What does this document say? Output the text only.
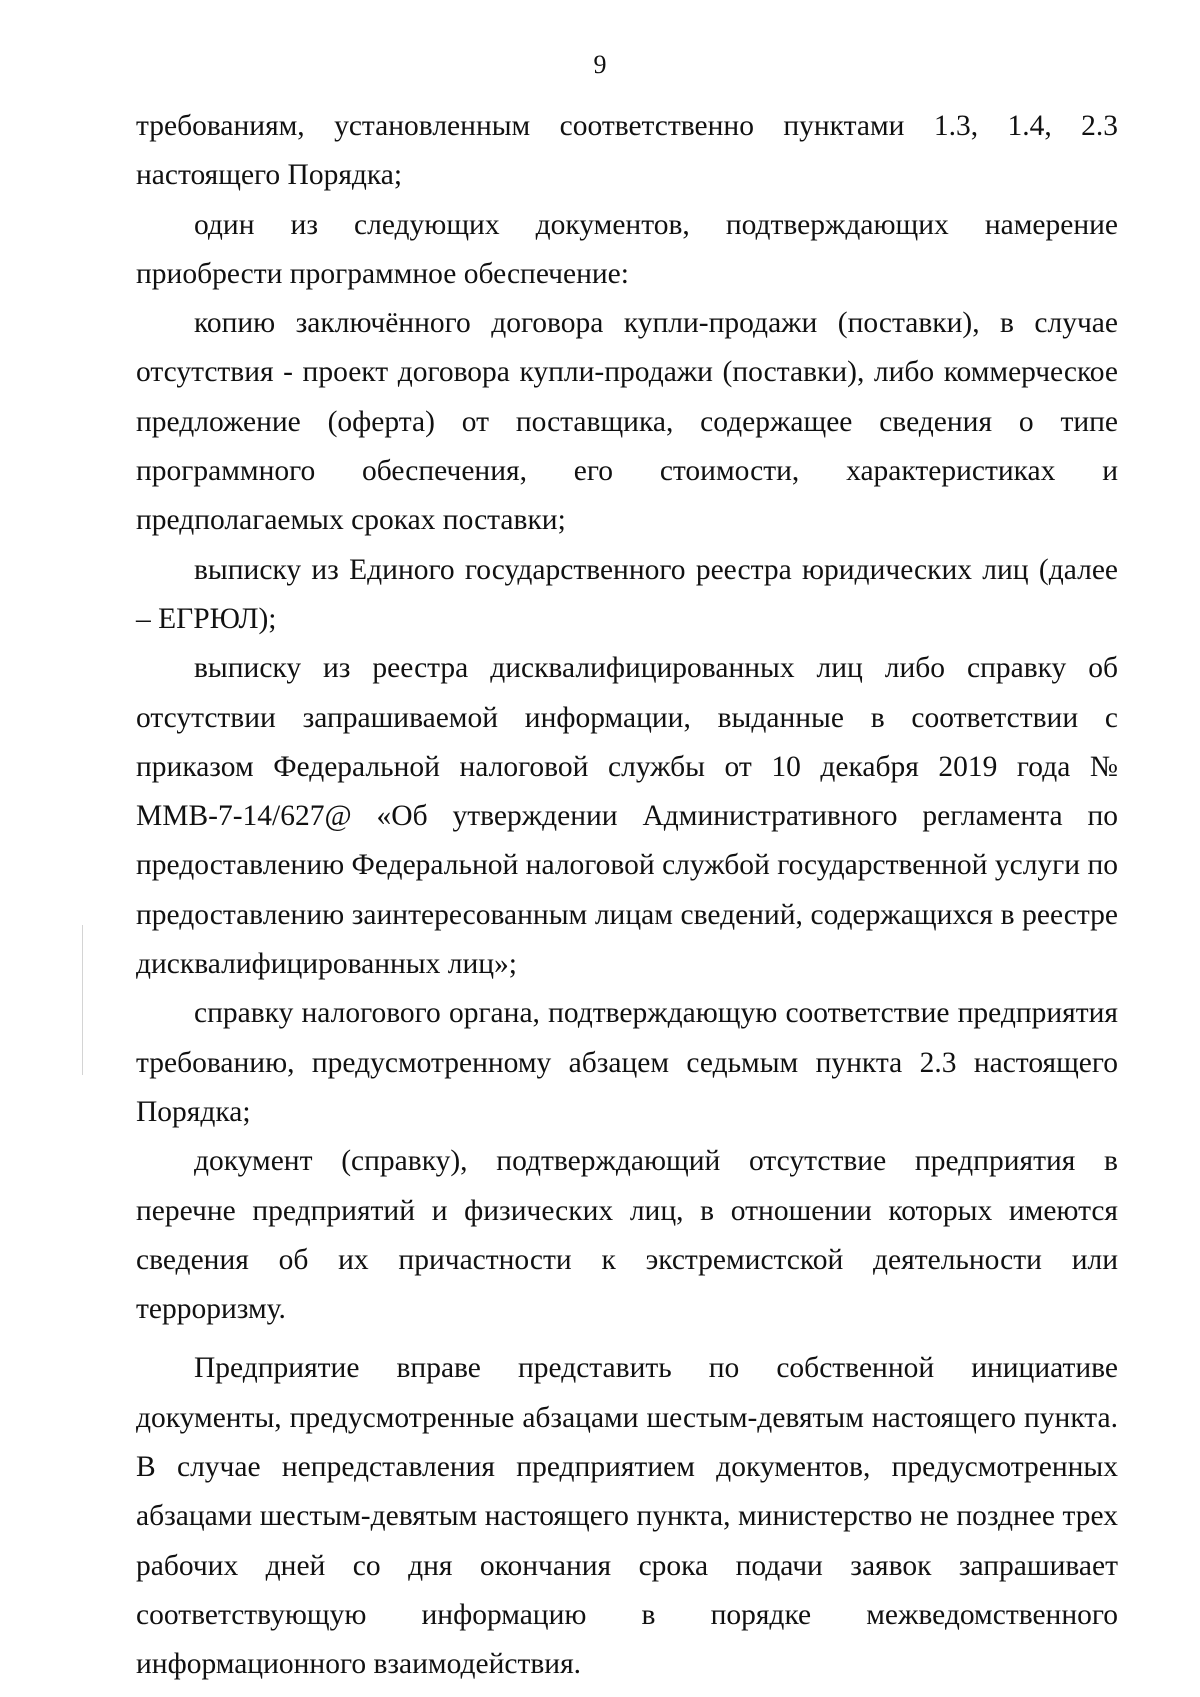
9

требованиям, установленным соответственно пунктами 1.3, 1.4, 2.3 настоящего Порядка;

один из следующих документов, подтверждающих намерение приобрести программное обеспечение:

копию заключённого договора купли-продажи (поставки), в случае отсутствия - проект договора купли-продажи (поставки), либо коммерческое предложение (оферта) от поставщика, содержащее сведения о типе программного обеспечения, его стоимости, характеристиках и предполагаемых сроках поставки;

выписку из Единого государственного реестра юридических лиц (далее – ЕГРЮЛ);

выписку из реестра дисквалифицированных лиц либо справку об отсутствии запрашиваемой информации, выданные в соответствии с приказом Федеральной налоговой службы от 10 декабря 2019 года № ММВ-7-14/627@ «Об утверждении Административного регламента по предоставлению Федеральной налоговой службой государственной услуги по предоставлению заинтересованным лицам сведений, содержащихся в реестре дисквалифицированных лиц»;

справку налогового органа, подтверждающую соответствие предприятия требованию, предусмотренному абзацем седьмым пункта 2.3 настоящего Порядка;

документ (справку), подтверждающий отсутствие предприятия в перечне предприятий и физических лиц, в отношении которых имеются сведения об их причастности к экстремистской деятельности или терроризму.

Предприятие вправе представить по собственной инициативе документы, предусмотренные абзацами шестым-девятым настоящего пункта. В случае непредставления предприятием документов, предусмотренных абзацами шестым-девятым настоящего пункта, министерство не позднее трех рабочих дней со дня окончания срока подачи заявок запрашивает соответствующую информацию в порядке межведомственного информационного взаимодействия.
